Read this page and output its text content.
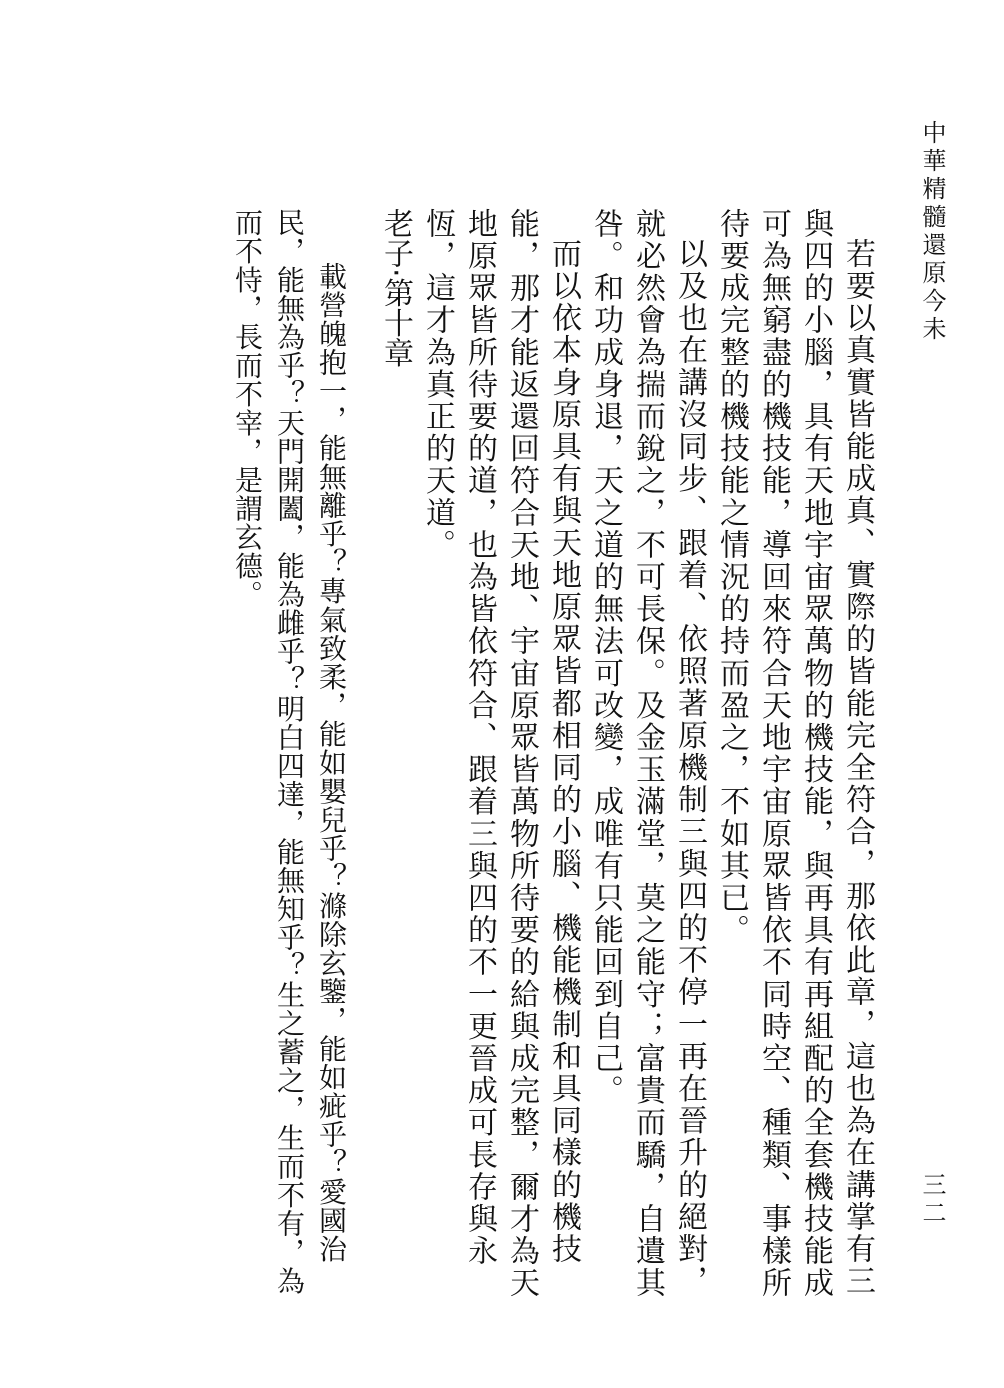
中華精髓還原今未
三二

若要以真實皆能成真、實際的皆能完全符合，那依此章，這也為在講掌有三與四的小腦，具有天地宇宙眾萬物的機技能，與再具有再組配的全套機技能成可為無窮盡的機技能，導回來符合天地宇宙原眾皆依不同時空、種類、事樣所待要成完整的機技能之情況的持而盈之，不如其已。

以及也在講沒同步、跟着、依照著原機制三與四的不停一再在晉升的絕對，就必然會為揣而銳之，不可長保。及金玉滿堂，莫之能守；富貴而驕，自遺其咎。和功成身退，天之道的無法可改變，成唯有只能回到自己。

而以依本身原具有與天地原眾皆都相同的小腦、機能機制和具同樣的機技能，那才能返還回符合天地、宇宙原眾皆萬物所待要的給與成完整，爾才為天地原眾皆所待要的道，也為皆依符合、跟着三與四的不一更晉成可長存與永恆，這才為真正的天道。

老子·第十章

載營魄抱一，能無離乎？專氣致柔，能如嬰兒乎？滌除玄鑒，能如疵乎？愛國治民，能無為乎？天門開闔，能為雌乎？明白四達，能無知乎？生之蓄之，生而不有，為而不恃，長而不宰，是謂玄德。
